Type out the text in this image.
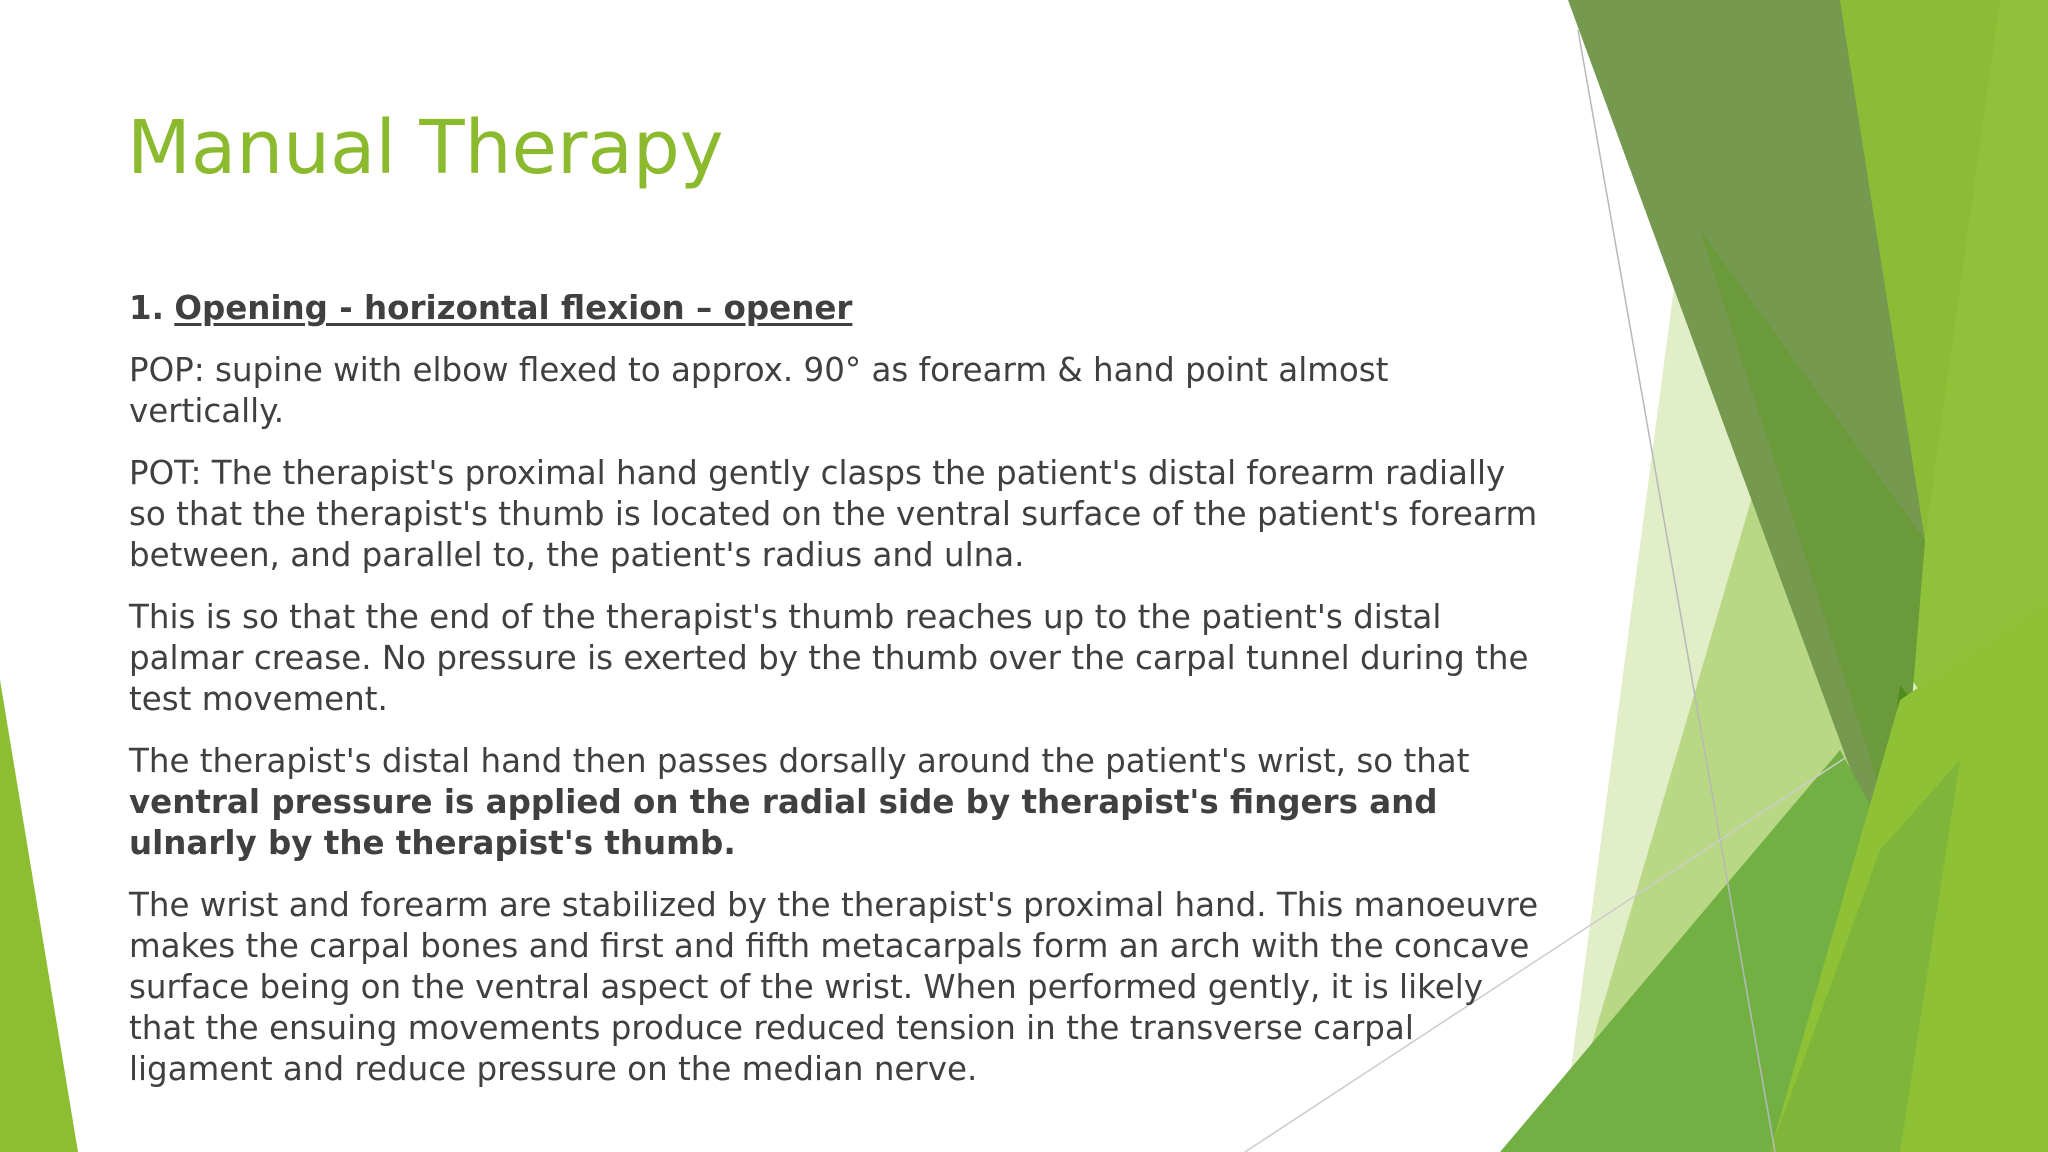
Manual Therapy

1. Opening - horizontal flexion – opener

POP: supine with elbow flexed to approx. 90° as forearm & hand point almost vertically.

POT: The therapist's proximal hand gently clasps the patient's distal forearm radially so that the therapist's thumb is located on the ventral surface of the patient's forearm between, and parallel to, the patient's radius and ulna.

This is so that the end of the therapist's thumb reaches up to the patient's distal palmar crease. No pressure is exerted by the thumb over the carpal tunnel during the test movement.

The therapist's distal hand then passes dorsally around the patient's wrist, so that ventral pressure is applied on the radial side by therapist's fingers and ulnarly by the therapist's thumb.

The wrist and forearm are stabilized by the therapist's proximal hand. This manoeuvre makes the carpal bones and first and fifth metacarpals form an arch with the concave surface being on the ventral aspect of the wrist. When performed gently, it is likely that the ensuing movements produce reduced tension in the transverse carpal ligament and reduce pressure on the median nerve.
